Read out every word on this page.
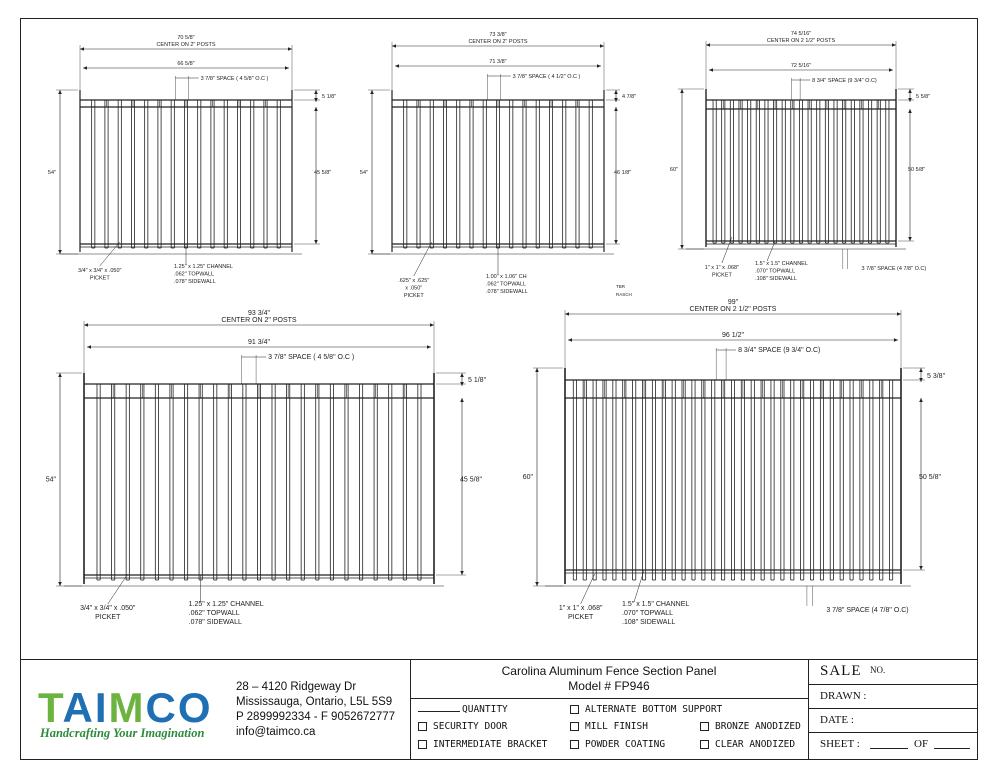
70 5/8"
CENTER ON 2" POSTS
66 5/8"
3 7/8" SPACE ( 4 5/8" O.C )
54"
5 1/8"
45 5/8"
3/4" x 3/4" x .050"
PICKET
1.25" x 1.25" CHANNEL
.062" TOPWALL
.078" SIDEWALL
73 3/8"
CENTER ON 2" POSTS
71 3/8"
3 7/8" SPACE ( 4 1/2" O.C )
54"
4 7/8"
46 1/8"
.625" x .625"
x .050"
PICKET
1.00" x 1.06" CH
.062" TOPWALL
.078" SIDEWALL
TBR
RASCH
74 5/16"
CENTER ON 2 1/2" POSTS
72 5/16"
8 3/4" SPACE (9 3/4" O.C)
60"
5 5/8"
50 5/8"
1" x 1" x .068"
PICKET
1.5" x 1.5" CHANNEL
.070" TOPWALL
.108" SIDEWALL
3 7/8" SPACE (4 7/8" O.C)
93 3/4"
CENTER ON 2" POSTS
91 3/4"
3 7/8" SPACE ( 4 5/8" O.C )
54"
5 1/8"
45 5/8"
3/4" x 3/4" x .050"
PICKET
1.25" x 1.25" CHANNEL
.062" TOPWALL
.078" SIDEWALL
99"
CENTER ON 2 1/2" POSTS
96 1/2"
8 3/4" SPACE (9 3/4" O.C)
60"
5 3/8"
50 5/8"
1" x 1" x .068"
PICKET
1.5" x 1.5" CHANNEL
.070" TOPWALL
.108" SIDEWALL
3 7/8" SPACE (4 7/8" O.C)
TAIMCO
Handcrafting Your Imagination
28 – 4120 Ridgeway Dr
Mississauga, Ontario, L5L 5S9
P 2899992334 - F 9052672777
info@taimco.ca
Carolina Aluminum Fence Section Panel
Model # FP946
QUANTITY	ALTERNATE BOTTOM SUPPORT
SECURITY DOOR	MILL FINISH	BRONZE ANODIZED
INTERMEDIATE BRACKET	POWDER COATING	CLEAR ANODIZED
SALE NO.
DRAWN :
DATE :
SHEET :	OF
